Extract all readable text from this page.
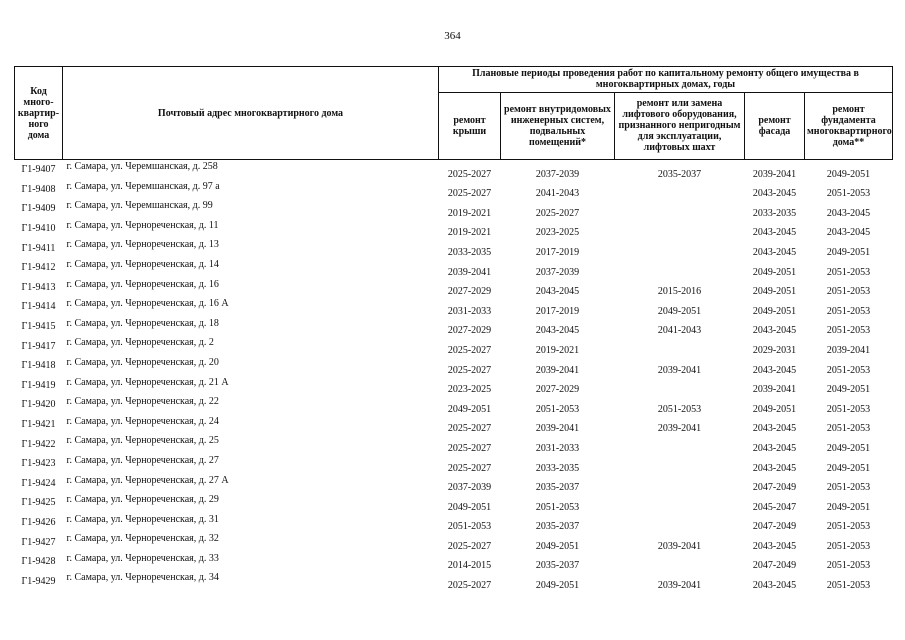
364
Код много-квартир-ного дома	Почтовый адрес многоквартирного дома	Плановые периоды проведения работ по капитальному ремонту общего имущества в многоквартирных домах, годы				
		ремонт крыши	ремонт внутридомовых инженерных систем, подвальных помещений*	ремонт или замена лифтового оборудования, признанного непригодным для эксплуатации, лифтовых шахт	ремонт фасада	ремонт фундамента многоквартирного дома**
Г1-9407	г. Самара, ул. Черемшанская, д. 258	2025-2027	2037-2039	2035-2037	2039-2041	2049-2051
Г1-9408	г. Самара, ул. Черемшанская, д. 97 а	2025-2027	2041-2043		2043-2045	2051-2053
Г1-9409	г. Самара, ул. Черемшанская, д. 99	2019-2021	2025-2027		2033-2035	2043-2045
Г1-9410	г. Самара, ул. Черноречeнская, д. 11	2019-2021	2023-2025		2043-2045	2043-2045
Г1-9411	г. Самара, ул. Чернореченская, д. 13	2033-2035	2017-2019		2043-2045	2049-2051
Г1-9412	г. Самара, ул. Чернореченская, д. 14	2039-2041	2037-2039		2049-2051	2051-2053
Г1-9413	г. Самара, ул. Чернореченская, д. 16	2027-2029	2043-2045	2015-2016	2049-2051	2051-2053
Г1-9414	г. Самара, ул. Чернореченская, д. 16 А	2031-2033	2017-2019	2049-2051	2049-2051	2051-2053
Г1-9415	г. Самара, ул. Чернореченская, д. 18	2027-2029	2043-2045	2041-2043	2043-2045	2051-2053
Г1-9417	г. Самара, ул. Чернореченская, д. 2	2025-2027	2019-2021		2029-2031	2039-2041
Г1-9418	г. Самара, ул. Чернореченская, д. 20	2025-2027	2039-2041	2039-2041	2043-2045	2051-2053
Г1-9419	г. Самара, ул. Чернореченская, д. 21 А	2023-2025	2027-2029		2039-2041	2049-2051
Г1-9420	г. Самара, ул. Чернореченская, д. 22	2049-2051	2051-2053	2051-2053	2049-2051	2051-2053
Г1-9421	г. Самара, ул. Чернореченская, д. 24	2025-2027	2039-2041	2039-2041	2043-2045	2051-2053
Г1-9422	г. Самара, ул. Чернореченская, д. 25	2025-2027	2031-2033		2043-2045	2049-2051
Г1-9423	г. Самара, ул. Чернореченская, д. 27	2025-2027	2033-2035		2043-2045	2049-2051
Г1-9424	г. Самара, ул. Чернореченская, д. 27 А	2037-2039	2035-2037		2047-2049	2051-2053
Г1-9425	г. Самара, ул. Чернореченская, д. 29	2049-2051	2051-2053		2045-2047	2049-2051
Г1-9426	г. Самара, ул. Чернореченская, д. 31	2051-2053	2035-2037		2047-2049	2051-2053
Г1-9427	г. Самара, ул. Чернореченская, д. 32	2025-2027	2049-2051	2039-2041	2043-2045	2051-2053
Г1-9428	г. Самара, ул. Чернореченская, д. 33	2014-2015	2035-2037		2047-2049	2051-2053
Г1-9429	г. Самара, ул. Чернореченская, д. 34	2025-2027	2049-2051	2039-2041	2043-2045	2051-2053
